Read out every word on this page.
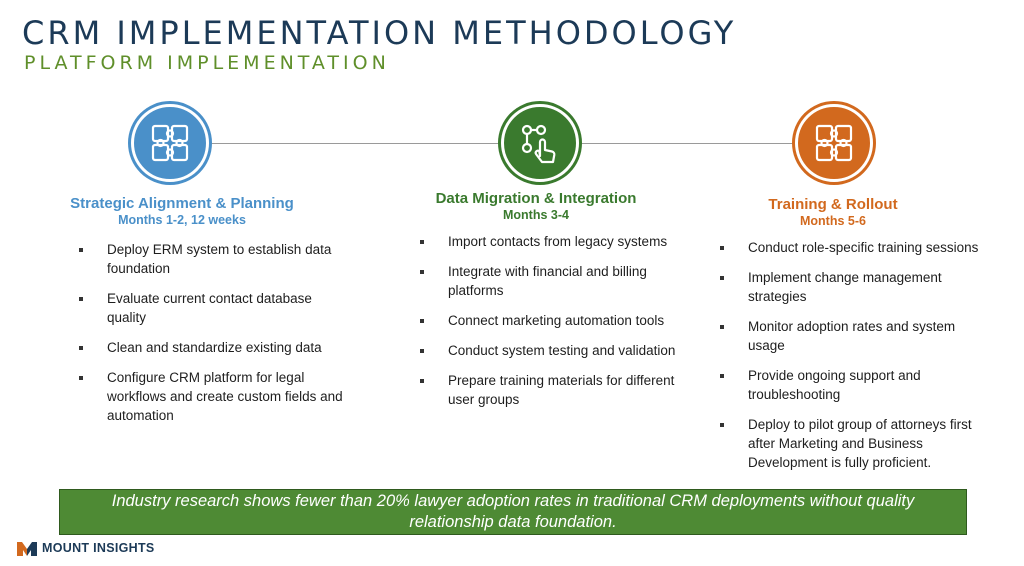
CRM IMPLEMENTATION METHODOLOGY
PLATFORM IMPLEMENTATION
Strategic Alignment & Planning
Months 1-2, 12 weeks
Data Migration & Integration
Months 3-4
Training & Rollout
Months 5-6
Deploy ERM system to establish data foundation
Evaluate current contact database quality
Clean and standardize existing data
Configure CRM platform for legal workflows and create custom fields and automation
Import contacts from legacy systems
Integrate with financial and billing platforms
Connect marketing automation tools
Conduct system testing and validation
Prepare training materials for different user groups
Conduct role-specific training sessions
Implement change management strategies
Monitor adoption rates and system usage
Provide ongoing support and troubleshooting
Deploy to pilot group of attorneys first after Marketing and Business Development is fully proficient.
Industry research shows fewer than 20% lawyer adoption rates in traditional CRM deployments without quality relationship data foundation.
MOUNT INSIGHTS
